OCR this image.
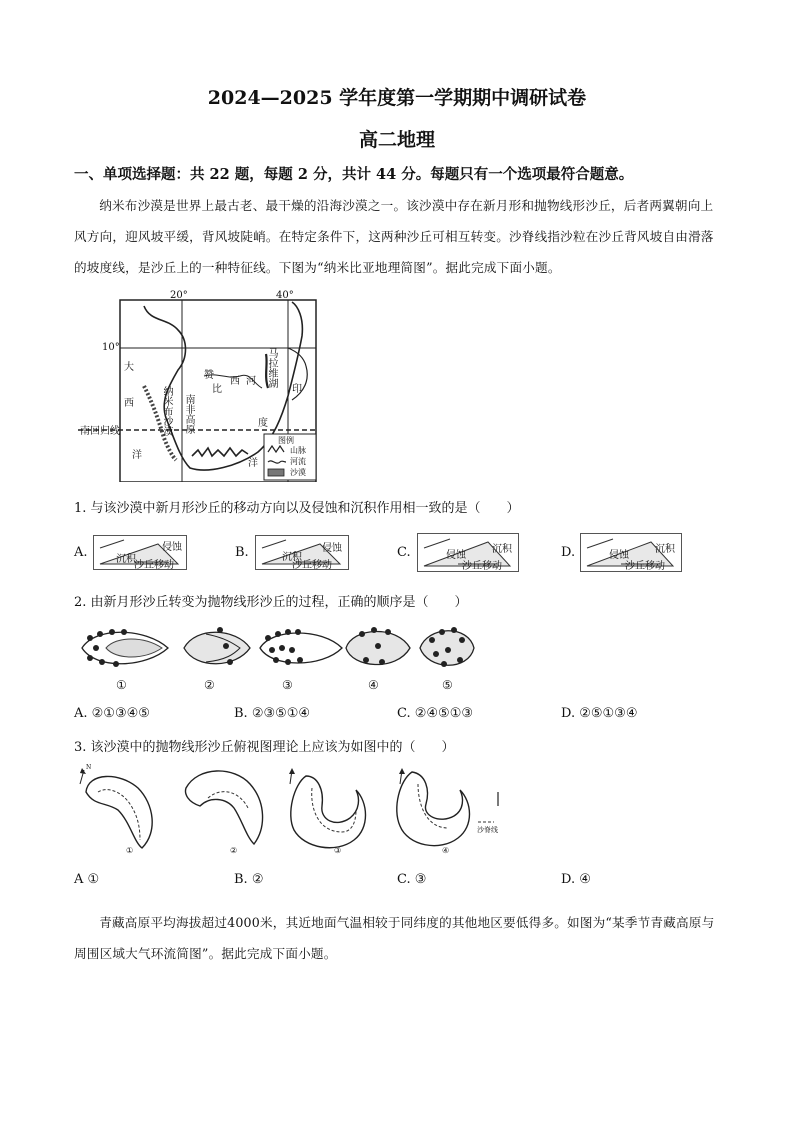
2024—2025 学年度第一学期期中调研试卷
高二地理
一、单项选择题：共 22 题，每题 2 分，共计 44 分。每题只有一个选项最符合题意。
纳米布沙漠是世界上最古老、最干燥的沿海沙漠之一。该沙漠中存在新月形和抛物线形沙丘，后者两翼朝向上风方向，迎风坡平缓，背风坡陡峭。在特定条件下，这两种沙丘可相互转变。沙脊线指沙粒在沙丘背风坡自由滑落的坡度线，是沙丘上的一种特征线。下图为“纳米比亚地理简图”。据此完成下面小题。
20°	40°
10°
南回归线
大
西
洋
印
度
洋
纳米布沙漠 南非高原
赞
比
西 河 马拉维湖
图例
山脉
河流
沙漠
1. 与该沙漠中新月形沙丘的移动方向以及侵蚀和沉积作用相一致的是（　　）
A.	沉积
侵蚀
沙丘移动
B.	沉积
侵蚀
沙丘移动
C.	侵蚀
沉积
沙丘移动
D.	侵蚀
沉积
沙丘移动
2. 由新月形沙丘转变为抛物线形沙丘的过程，正确的顺序是（　　）
①	②	③	④	⑤
A. ②①③④⑤	B. ②③⑤①④	C. ②④⑤①③	D. ②⑤①③④
3. 该沙漠中的抛物线形沙丘俯视图理论上应该为如图中的（　　）
N
沙脊线
①	②	③	④
A ①	B. ②	C. ③	D. ④
青藏高原平均海拔超过4000米，其近地面气温相较于同纬度的其他地区要低得多。如图为“某季节青藏高原与周围区域大气环流简图”。据此完成下面小题。
